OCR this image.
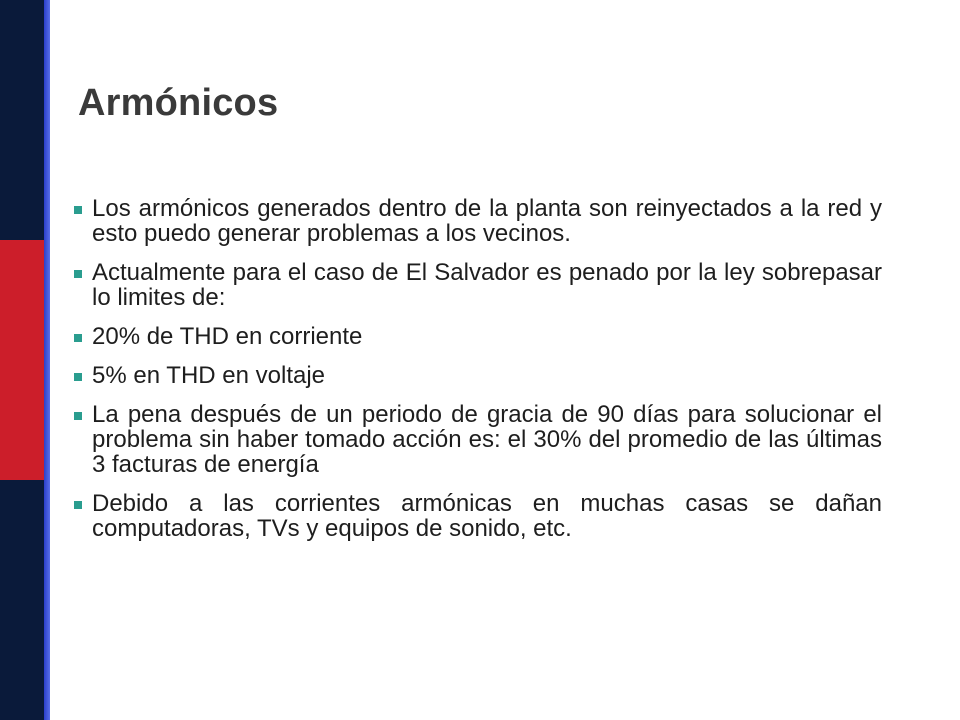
Armónicos
Los armónicos generados dentro de la planta son reinyectados a la red y esto puedo generar problemas a los vecinos.
Actualmente para el caso de El Salvador es penado por la ley sobrepasar lo limites de:
20% de THD en corriente
5% en THD en voltaje
La pena después de un periodo de gracia de 90 días para solucionar el problema sin haber tomado acción es: el 30% del promedio de las últimas 3 facturas de energía
Debido a las corrientes armónicas en muchas casas se dañan computadoras, TVs y equipos de sonido, etc.
